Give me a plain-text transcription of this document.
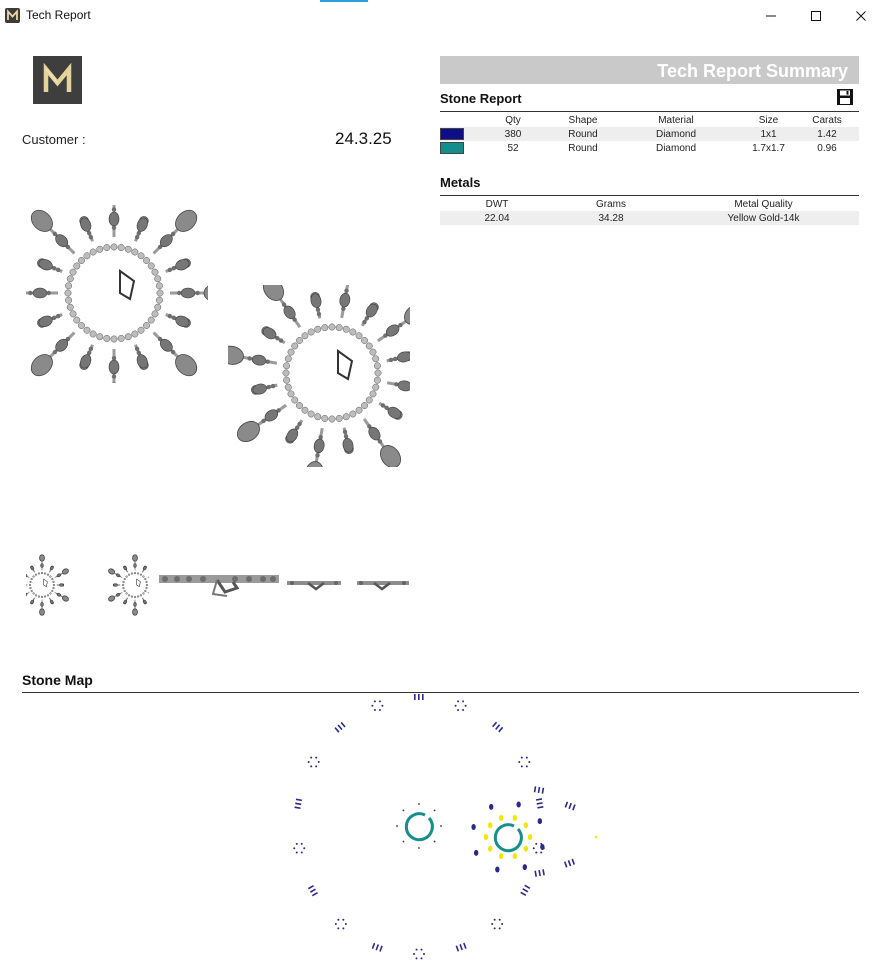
Tech Report
Customer :	24.3.25
Tech Report Summary
Stone Report
	Qty	Shape	Material	Size	Carats
	380	Round	Diamond	1x1	1.42
	52	Round	Diamond	1.7x1.7	0.96
Metals
DWT	Grams	Metal Quality
22.04	34.28	Yellow Gold-14k
Stone Map
